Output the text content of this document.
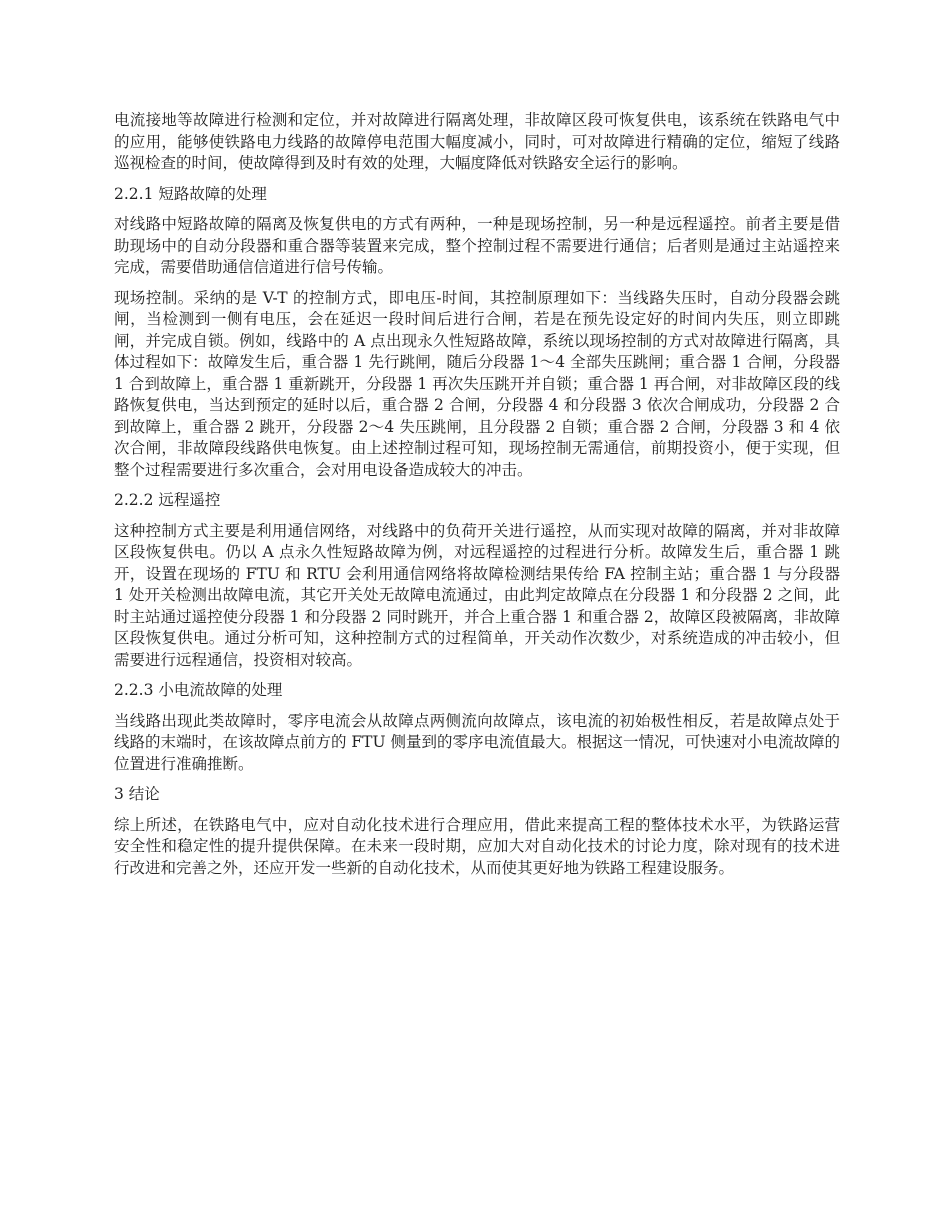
电流接地等故障进行检测和定位，并对故障进行隔离处理，非故障区段可恢复供电，该系统在铁路电气中的应用，能够使铁路电力线路的故障停电范围大幅度减小，同时，可对故障进行精确的定位，缩短了线路巡视检查的时间，使故障得到及时有效的处理，大幅度降低对铁路安全运行的影响。

2.2.1 短路故障的处理

对线路中短路故障的隔离及恢复供电的方式有两种，一种是现场控制，另一种是远程遥控。前者主要是借助现场中的自动分段器和重合器等装置来完成，整个控制过程不需要进行通信；后者则是通过主站遥控来完成，需要借助通信信道进行信号传输。

现场控制。采纳的是 V-T 的控制方式，即电压-时间，其控制原理如下：当线路失压时，自动分段器会跳闸，当检测到一侧有电压，会在延迟一段时间后进行合闸，若是在预先设定好的时间内失压，则立即跳闸，并完成自锁。例如，线路中的 A 点出现永久性短路故障，系统以现场控制的方式对故障进行隔离，具体过程如下：故障发生后，重合器 1 先行跳闸，随后分段器 1～4 全部失压跳闸；重合器 1 合闸，分段器 1 合到故障上，重合器 1 重新跳开，分段器 1 再次失压跳开并自锁；重合器 1 再合闸，对非故障区段的线路恢复供电，当达到预定的延时以后，重合器 2 合闸，分段器 4 和分段器 3 依次合闸成功，分段器 2 合到故障上，重合器 2 跳开，分段器 2～4 失压跳闸，且分段器 2 自锁；重合器 2 合闸，分段器 3 和 4 依次合闸，非故障段线路供电恢复。由上述控制过程可知，现场控制无需通信，前期投资小，便于实现，但整个过程需要进行多次重合，会对用电设备造成较大的冲击。

2.2.2 远程遥控

这种控制方式主要是利用通信网络，对线路中的负荷开关进行遥控，从而实现对故障的隔离，并对非故障区段恢复供电。仍以 A 点永久性短路故障为例，对远程遥控的过程进行分析。故障发生后，重合器 1 跳开，设置在现场的 FTU 和 RTU 会利用通信网络将故障检测结果传给 FA 控制主站；重合器 1 与分段器 1 处开关检测出故障电流，其它开关处无故障电流通过，由此判定故障点在分段器 1 和分段器 2 之间，此时主站通过遥控使分段器 1 和分段器 2 同时跳开，并合上重合器 1 和重合器 2，故障区段被隔离，非故障区段恢复供电。通过分析可知，这种控制方式的过程简单，开关动作次数少，对系统造成的冲击较小，但需要进行远程通信，投资相对较高。

2.2.3 小电流故障的处理

当线路出现此类故障时，零序电流会从故障点两侧流向故障点，该电流的初始极性相反，若是故障点处于线路的末端时，在该故障点前方的 FTU 侧量到的零序电流值最大。根据这一情况，可快速对小电流故障的位置进行准确推断。

3 结论

综上所述，在铁路电气中，应对自动化技术进行合理应用，借此来提高工程的整体技术水平，为铁路运营安全性和稳定性的提升提供保障。在未来一段时期，应加大对自动化技术的讨论力度，除对现有的技术进行改进和完善之外，还应开发一些新的自动化技术，从而使其更好地为铁路工程建设服务。
